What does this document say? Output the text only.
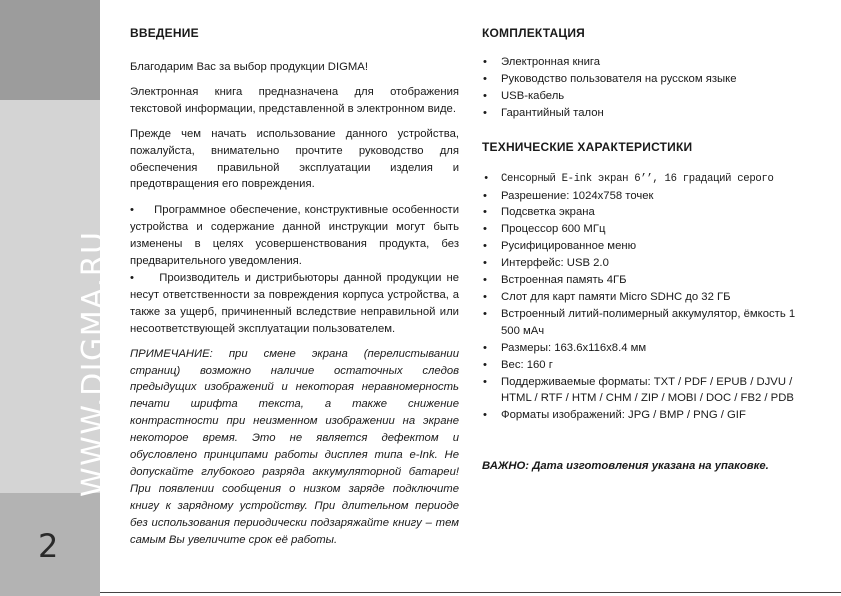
WWW.DIGMA.RU
2
ВВЕДЕНИЕ

Благодарим Вас за выбор продукции DIGMA!

Электронная книга предназначена для отображения текстовой информации, представленной в электронном виде.

Прежде чем начать использование данного устройства, пожалуйста, внимательно прочтите руководство для обеспечения правильной эксплуатации изделия и предотвращения его повреждения.

•     Программное обеспечение, конструктивные особенности устройства и содержание данной инструкции могут быть изменены в целях усовершенствования продукта, без предварительного уведомления.

•     Производитель и дистрибьюторы данной продукции не несут ответственности за повреждения корпуса устройства, а также за ущерб, причиненный вследствие неправильной или несоответствующей эксплуатации пользователем.

ПРИМЕЧАНИЕ: при смене экрана (перелистывании страниц) возможно наличие остаточных следов предыдущих изображений и некоторая неравномерность печати шрифта текста, а также снижение контрастности при неизменном изображении на экране некоторое время. Это не является дефектом и обусловлено принципами работы дисплея типа e-Ink. Не допускайте глубокого разряда аккумуляторной батареи! При появлении сообщения о низком заряде подключите книгу к зарядному устройству. При длительном периоде без использования периодически подзаряжайте книгу – тем самым Вы увеличите срок её работы.

КОМПЛЕКТАЦИЯ
• Электронная книга
• Руководство пользователя на русском языке
• USB-кабель
• Гарантийный талон
ТЕХНИЧЕСКИЕ ХАРАКТЕРИСТИКИ
• Сенсорный E-ink экран 6’’, 16 градаций серого
• Разрешение: 1024x758 точек
• Подсветка экрана
• Процессор 600 МГц
• Русифицированное меню
• Интерфейс: USB 2.0
• Встроенная память 4ГБ
• Слот для карт памяти Micro SDHC до 32 ГБ
• Встроенный литий-полимерный аккумулятор, ёмкость 1 500 мАч
• Размеры: 163.6x116x8.4 мм
• Вес: 160 г
• Поддерживаемые форматы: TXT / PDF / EPUB / DJVU / HTML / RTF / HTM / CHM / ZIP / MOBI / DOC / FB2 / PDB
• Форматы изображений: JPG / BMP / PNG / GIF

ВАЖНО: Дата изготовления указана на упаковке.
